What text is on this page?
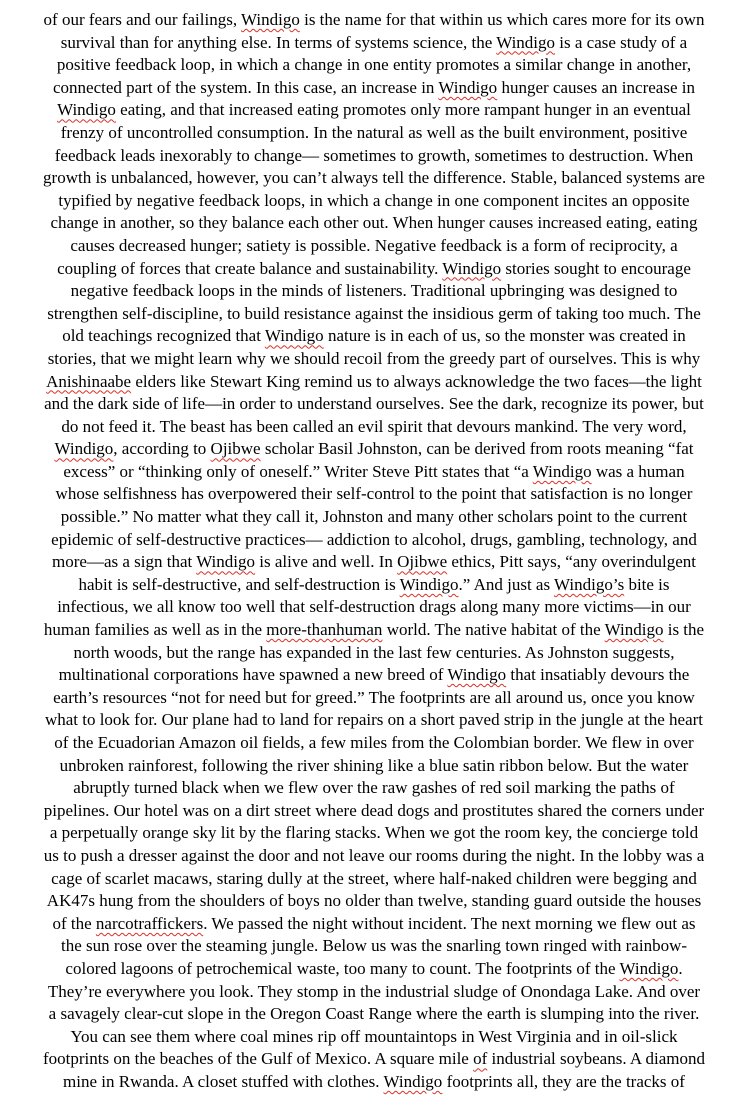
of our fears and our failings, Windigo is the name for that within us which cares more for its own
survival than for anything else. In terms of systems science, the Windigo is a case study of a
positive feedback loop, in which a change in one entity promotes a similar change in another,
connected part of the system. In this case, an increase in Windigo hunger causes an increase in
Windigo eating, and that increased eating promotes only more rampant hunger in an eventual
frenzy of uncontrolled consumption. In the natural as well as the built environment, positive
feedback leads inexorably to change— sometimes to growth, sometimes to destruction. When
growth is unbalanced, however, you can’t always tell the difference. Stable, balanced systems are
typified by negative feedback loops, in which a change in one component incites an opposite
change in another, so they balance each other out. When hunger causes increased eating, eating
causes decreased hunger; satiety is possible. Negative feedback is a form of reciprocity, a
coupling of forces that create balance and sustainability. Windigo stories sought to encourage
negative feedback loops in the minds of listeners. Traditional upbringing was designed to
strengthen self-discipline, to build resistance against the insidious germ of taking too much. The
old teachings recognized that Windigo nature is in each of us, so the monster was created in
stories, that we might learn why we should recoil from the greedy part of ourselves. This is why
Anishinaabe elders like Stewart King remind us to always acknowledge the two faces—the light
and the dark side of life—in order to understand ourselves. See the dark, recognize its power, but
do not feed it. The beast has been called an evil spirit that devours mankind. The very word,
Windigo, according to Ojibwe scholar Basil Johnston, can be derived from roots meaning “fat
excess” or “thinking only of oneself.” Writer Steve Pitt states that “a Windigo was a human
whose selfishness has overpowered their self-control to the point that satisfaction is no longer
possible.” No matter what they call it, Johnston and many other scholars point to the current
epidemic of self-destructive practices— addiction to alcohol, drugs, gambling, technology, and
more—as a sign that Windigo is alive and well. In Ojibwe ethics, Pitt says, “any overindulgent
habit is self-destructive, and self-destruction is Windigo.” And just as Windigo’s bite is
infectious, we all know too well that self-destruction drags along many more victims—in our
human families as well as in the more-thanhuman world. The native habitat of the Windigo is the
north woods, but the range has expanded in the last few centuries. As Johnston suggests,
multinational corporations have spawned a new breed of Windigo that insatiably devours the
earth’s resources “not for need but for greed.” The footprints are all around us, once you know
what to look for. Our plane had to land for repairs on a short paved strip in the jungle at the heart
of the Ecuadorian Amazon oil fields, a few miles from the Colombian border. We flew in over
unbroken rainforest, following the river shining like a blue satin ribbon below. But the water
abruptly turned black when we flew over the raw gashes of red soil marking the paths of
pipelines. Our hotel was on a dirt street where dead dogs and prostitutes shared the corners under
a perpetually orange sky lit by the flaring stacks. When we got the room key, the concierge told
us to push a dresser against the door and not leave our rooms during the night. In the lobby was a
cage of scarlet macaws, staring dully at the street, where half-naked children were begging and
AK47s hung from the shoulders of boys no older than twelve, standing guard outside the houses
of the narcotraffickers. We passed the night without incident. The next morning we flew out as
the sun rose over the steaming jungle. Below us was the snarling town ringed with rainbow-
colored lagoons of petrochemical waste, too many to count. The footprints of the Windigo.
They’re everywhere you look. They stomp in the industrial sludge of Onondaga Lake. And over
a savagely clear-cut slope in the Oregon Coast Range where the earth is slumping into the river.
You can see them where coal mines rip off mountaintops in West Virginia and in oil-slick
footprints on the beaches of the Gulf of Mexico. A square mile of industrial soybeans. A diamond
mine in Rwanda. A closet stuffed with clothes. Windigo footprints all, they are the tracks of
